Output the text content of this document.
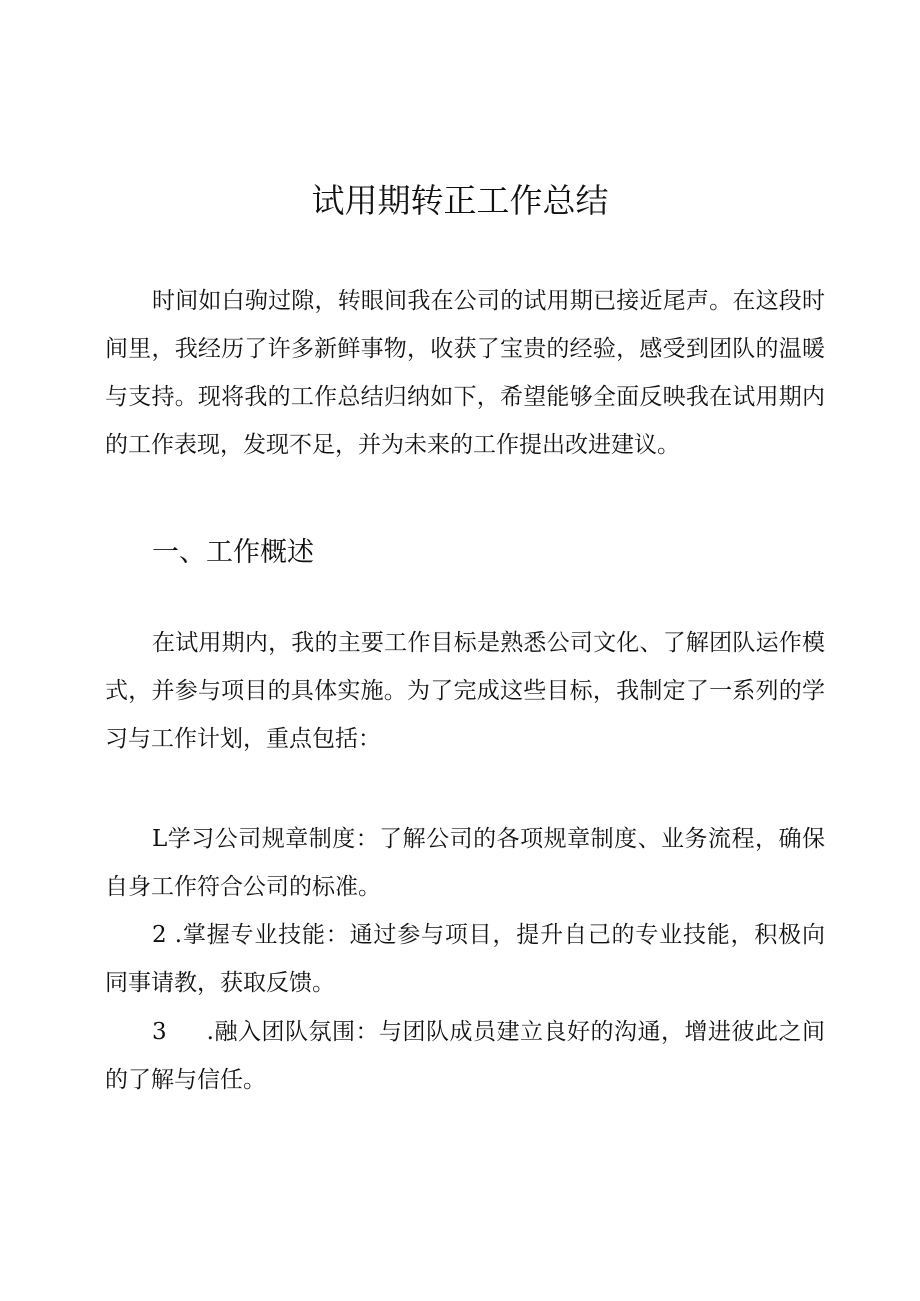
试用期转正工作总结

时间如白驹过隙，转眼间我在公司的试用期已接近尾声。在这段时间里，我经历了许多新鲜事物，收获了宝贵的经验，感受到团队的温暖与支持。现将我的工作总结归纳如下，希望能够全面反映我在试用期内的工作表现，发现不足，并为未来的工作提出改进建议。

一、工作概述

在试用期内，我的主要工作目标是熟悉公司文化、了解团队运作模式，并参与项目的具体实施。为了完成这些目标，我制定了一系列的学习与工作计划，重点包括：

L学习公司规章制度：了解公司的各项规章制度、业务流程，确保自身工作符合公司的标准。

2 .掌握专业技能：通过参与项目，提升自己的专业技能，积极向同事请教，获取反馈。

3 .融入团队氛围：与团队成员建立良好的沟通，增进彼此之间的了解与信任。
